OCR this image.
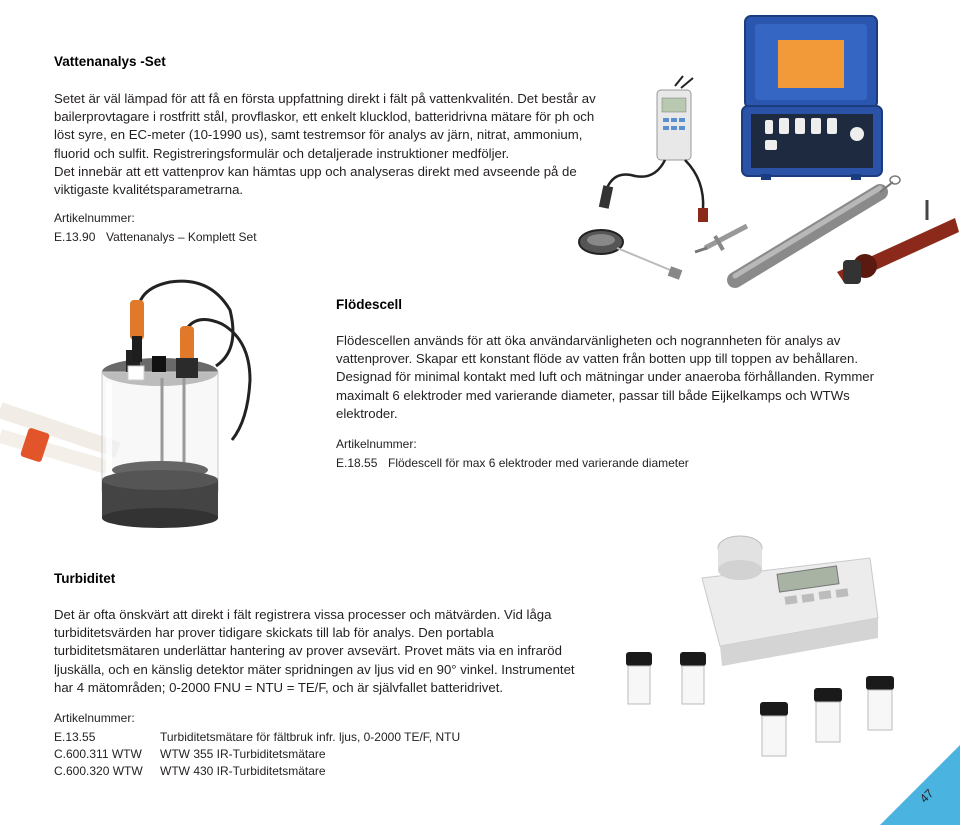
Vattenanalys -Set

Setet är väl lämpad för att få en första uppfattning direkt i fält på vattenkvalitén. Det består av bailerprovtagare i rostfritt stål, provflaskor, ett enkelt klucklod, batteridrivna mätare för ph och löst syre, en EC-meter (10-1990 us), samt testremsor för analys av järn, nitrat, ammonium, fluorid och sulfit. Registreringsformulär och detaljerade instruktioner medföljer.

Det innebär att ett vattenprov kan hämtas upp och analyseras direkt med avseende på de viktigaste kvalitétsparametrarna.

Artikelnummer:
E.13.90 Vattenanalys – Komplett Set
Flödescell

Flödescellen används för att öka användarvänligheten och nogrannheten för analys av vattenprover. Skapar ett konstant flöde av vatten från botten upp till toppen av behållaren. Designad för minimal kontakt med luft och mätningar under anaeroba förhållanden. Rymmer maximalt 6 elektroder med varierande diameter, passar till både Eijkelkamps och WTWs elektroder.

Artikelnummer:
E.18.55 Flödescell för max 6 elektroder med varierande diameter
Turbiditet

Det är ofta önskvärt att direkt i fält registrera vissa processer och mätvärden. Vid låga turbiditetsvärden har prover tidigare skickats till lab för analys. Den portabla turbiditetsmätaren underlättar hantering av prover avsevärt. Provet mäts via en infraröd ljuskälla, och en känslig detektor mäter spridningen av ljus vid en 90° vinkel. Instrumentet har 4 mätområden; 0-2000 FNU = NTU = TE/F, och är självfallet batteridrivet.

Artikelnummer:
E.13.55	Turbiditetsmätare för fältbruk infr. ljus, 0-2000 TE/F, NTU
C.600.311 WTW WTW 355 IR-Turbiditetsmätare
C.600.320 WTW WTW 430 IR-Turbiditetsmätare
47
